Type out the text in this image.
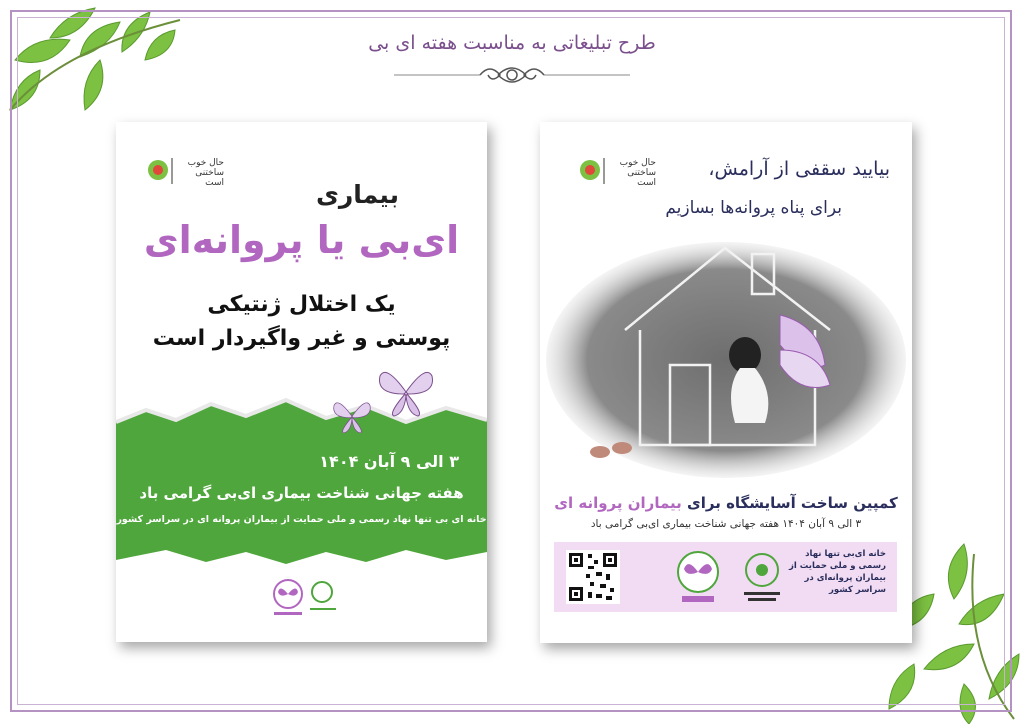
طرح تبلیغاتی به مناسبت هفته ای بی
حال خوب ساختنی است	بیماری
ای‌بی یا پروانه‌ای
یک اختلال ژنتیکی
پوستی و غیر واگیردار است
۳ الی ۹ آبان ۱۴۰۴
هفته جهانی شناخت بیماری ای‌بی گرامی باد
خانه ای بی تنها نهاد رسمی و ملی حمایت از بیماران پروانه ای در سراسر کشور
حال خوب ساختنی است
بیایید سقفی از آرامش،
برای پناه پروانه‌ها بسازیم
کمپین ساخت آسایشگاه برای بیماران پروانه ای
۳ الی ۹ آبان ۱۴۰۴ هفته جهانی شناخت بیماری ای‌بی گرامی باد
خانه ای‌بی تنها نهاد رسمی و ملی حمایت از بیماران پروانه‌ای در سراسر کشور
